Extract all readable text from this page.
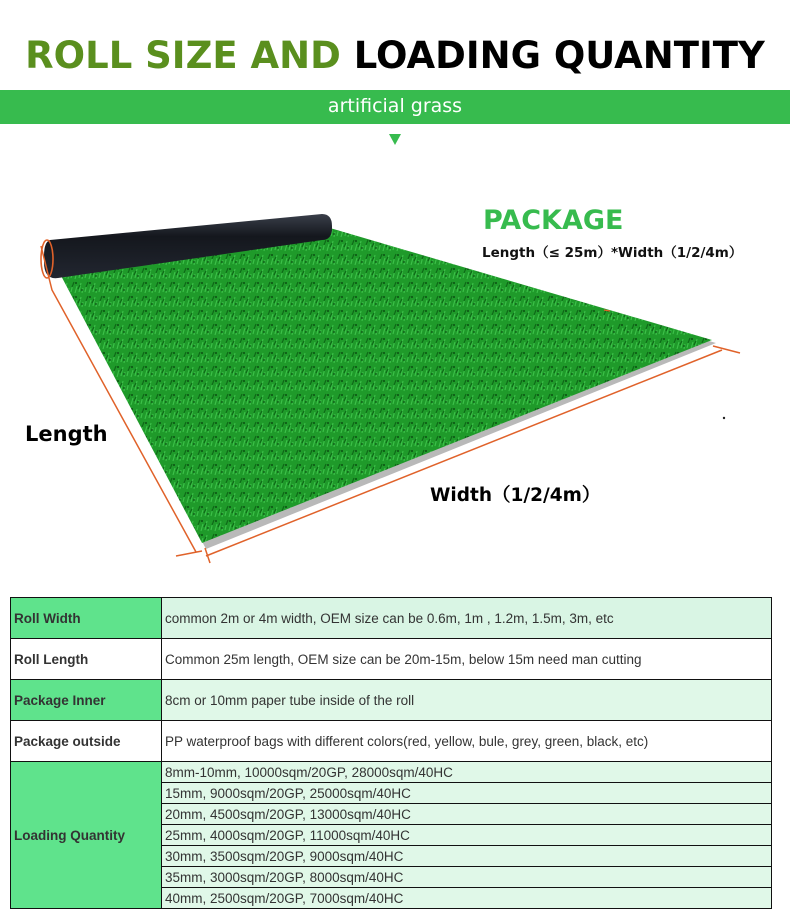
ROLL SIZE AND LOADING QUANTITY
artificial grass
PACKAGE
Length（≤ 25m）*Width（1/2/4m）
Length
Width（1/2/4m）
Roll Width	common 2m or 4m width, OEM size can be 0.6m, 1m , 1.2m, 1.5m, 3m, etc
Roll Length	Common 25m length, OEM size can be 20m-15m, below 15m need man cutting
Package Inner	8cm or 10mm paper tube inside of the roll
Package outside	PP waterproof bags with different colors(red, yellow, bule, grey, green, black, etc)
Loading Quantity	8mm-10mm, 10000sqm/20GP, 28000sqm/40HC
	15mm, 9000sqm/20GP, 25000sqm/40HC
	20mm, 4500sqm/20GP, 13000sqm/40HC
	25mm, 4000sqm/20GP, 11000sqm/40HC
	30mm, 3500sqm/20GP, 9000sqm/40HC
	35mm, 3000sqm/20GP, 8000sqm/40HC
	40mm, 2500sqm/20GP, 7000sqm/40HC
